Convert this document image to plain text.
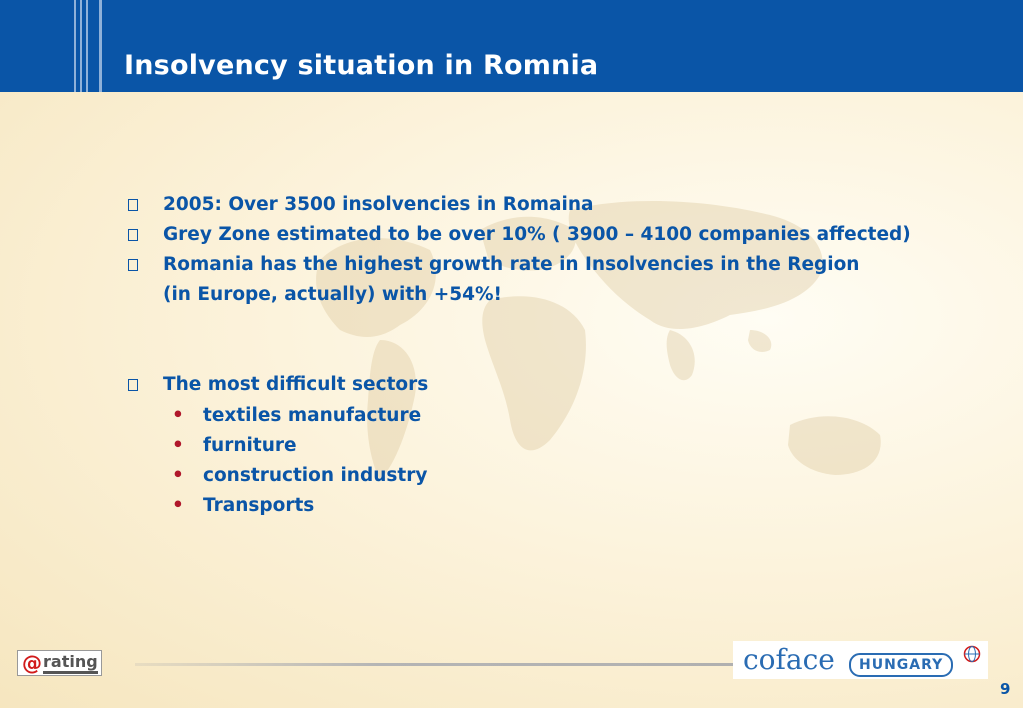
Insolvency situation in Romnia
2005: Over 3500 insolvencies in Romaina
Grey Zone estimated to be over 10% ( 3900 – 4100 companies affected)
Romania has the highest growth rate in Insolvencies in the Region
(in Europe, actually) with +54%!
The most difficult sectors
• textiles manufacture
• furniture
• construction industry
• Transports
@ rating	coface	HUNGARY
9
